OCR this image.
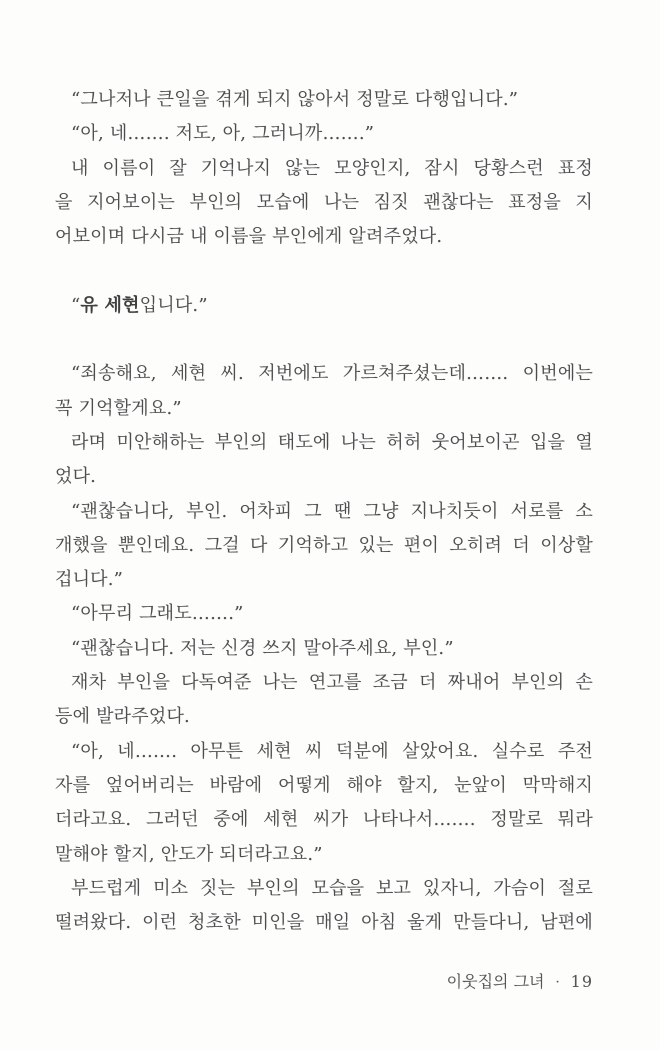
“그나저나 큰일을 겪게 되지 않아서 정말로 다행입니다.”
“아, 네……. 저도, 아, 그러니까…….”
내 이름이 잘 기억나지 않는 모양인지, 잠시 당황스런 표정
을 지어보이는 부인의 모습에 나는 짐짓 괜찮다는 표정을 지
어보이며 다시금 내 이름을 부인에게 알려주었다.
“유 세현입니다.”
“죄송해요, 세현 씨. 저번에도 가르쳐주셨는데……. 이번에는
꼭 기억할게요.”
라며 미안해하는 부인의 태도에 나는 허허 웃어보이곤 입을 열
었다.
“괜찮습니다, 부인. 어차피 그 땐 그냥 지나치듯이 서로를 소
개했을 뿐인데요. 그걸 다 기억하고 있는 편이 오히려 더 이상할
겁니다.”
“아무리 그래도…….”
“괜찮습니다. 저는 신경 쓰지 말아주세요, 부인.”
재차 부인을 다독여준 나는 연고를 조금 더 짜내어 부인의 손
등에 발라주었다.
“아, 네……. 아무튼 세현 씨 덕분에 살았어요. 실수로 주전
자를 엎어버리는 바람에 어떻게 해야 할지, 눈앞이 막막해지
더라고요. 그러던 중에 세현 씨가 나타나서……. 정말로 뭐라
말해야 할지, 안도가 되더라고요.”
부드럽게 미소 짓는 부인의 모습을 보고 있자니, 가슴이 절로
떨려왔다. 이런 청초한 미인을 매일 아침 울게 만들다니, 남편에
이웃집의 그녀 · 19
